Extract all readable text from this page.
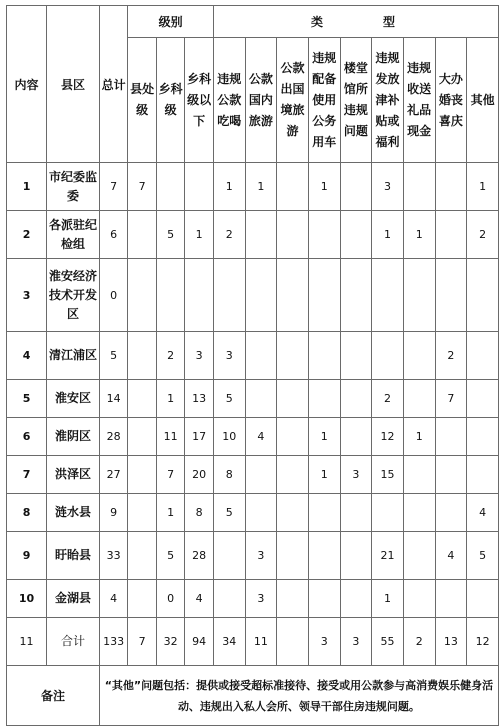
内容	县区	总计	级别			类　　　型								
			县处级	乡科级	乡科级以下	违规公款吃喝	公款国内旅游	公款出国境旅游	违规配备使用公务用车	楼堂馆所违规问题	违规发放津补贴或福利	违规收送礼品现金	大办婚丧喜庆	其他
1	市纪委监委	7	7			1	1		1		3			1
2	各派驻纪检组	6		5	1	2					1	1		2
3	淮安经济技术开发区	0												
4	清江浦区	5		2	3	3							2	
5	淮安区	14		1	13	5					2		7	
6	淮阴区	28		11	17	10	4		1		12	1		
7	洪泽区	27		7	20	8			1	3	15			
8	涟水县	9		1	8	5								4
9	盱眙县	33		5	28		3				21		4	5
10	金湖县	4		0	4		3				1			
11	合计	133	7	32	94	34	11		3	3	55	2	13	12
备注		“其他”问题包括：提供或接受超标准接待、接受或用公款参与高消费娱乐健身活动、违规出入私人会所、领导干部住房违规问题。												
